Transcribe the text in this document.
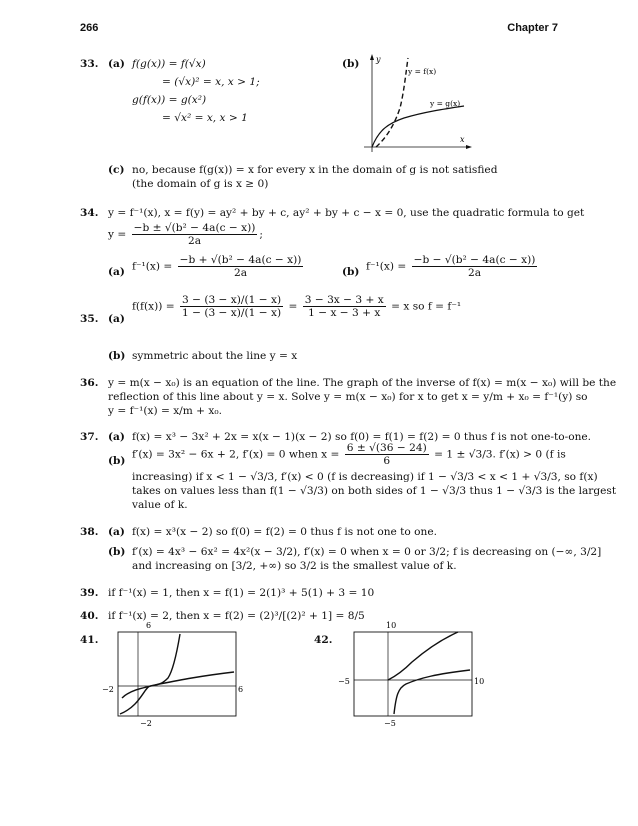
266	Chapter 7
33. (a) f(g(x)) = f(√x)
= (√x)² = x, x > 1;
g(f(x)) = g(x²)
= √x² = x, x > 1
(b) y
x
y = f(x)
y = g(x)
(c) no, because f(g(x)) = x for every x in the domain of g is not satisfied
(the domain of g is x ≥ 0)
34. y = f⁻¹(x), x = f(y) = ay² + by + c, ay² + by + c − x = 0, use the quadratic formula to get
$y = \frac{\text{−b ± √(b² − 4a(c − x))}}{2a}$ ;
(a) $f^{-1}(x) = \frac{\text{−b + √(b² − 4a(c − x))}}{2a}$	(b) $f^{-1}(x) = \frac{\text{−b − √(b² − 4a(c − x))}}{2a}$
35. (a)
$f(f(x)) = \frac{3 - (3 - x)/(1 - x)}{1 - (3 - x)/(1 - x)} = \frac{3 - 3x - 3 + x}{1 - x - 3 + x} = x$ so f = f⁻¹
(b) symmetric about the line y = x
36. y = m(x − x₀) is an equation of the line. The graph of the inverse of f(x) = m(x − x₀) will be the
reflection of this line about y = x. Solve y = m(x − x₀) for x to get x = y/m + x₀ = f⁻¹(y) so
y = f⁻¹(x) = x/m + x₀.
37. (a) f(x) = x³ − 3x² + 2x = x(x − 1)(x − 2) so f(0) = f(1) = f(2) = 0 thus f is not one-to-one.
(b)
f′(x) = 3x² − 6x + 2, f′(x) = 0 when $x = \frac{6 \pm √(36 - 24)}{6} = 1 \pm √3/3$. f′(x) > 0 (f is
increasing) if x < 1 − √3/3, f′(x) < 0 (f is decreasing) if 1 − √3/3 < x < 1 + √3/3, so f(x)
takes on values less than f(1 − √3/3) on both sides of 1 − √3/3 thus 1 − √3/3 is the largest
value of k.
38. (a) f(x) = x³(x − 2) so f(0) = f(2) = 0 thus f is not one to one.
(b) f′(x) = 4x³ − 6x² = 4x²(x − 3/2), f′(x) = 0 when x = 0 or 3/2; f is decreasing on (−∞, 3/2]
and increasing on [3/2, +∞) so 3/2 is the smallest value of k.
39. if f⁻¹(x) = 1, then x = f(1) = 2(1)³ + 5(1) + 3 = 10
40. if f⁻¹(x) = 2, then x = f(2) = (2)³/[(2)² + 1] = 8/5
41.
6
−2	6
−2
42.
10
−5	10
−5
